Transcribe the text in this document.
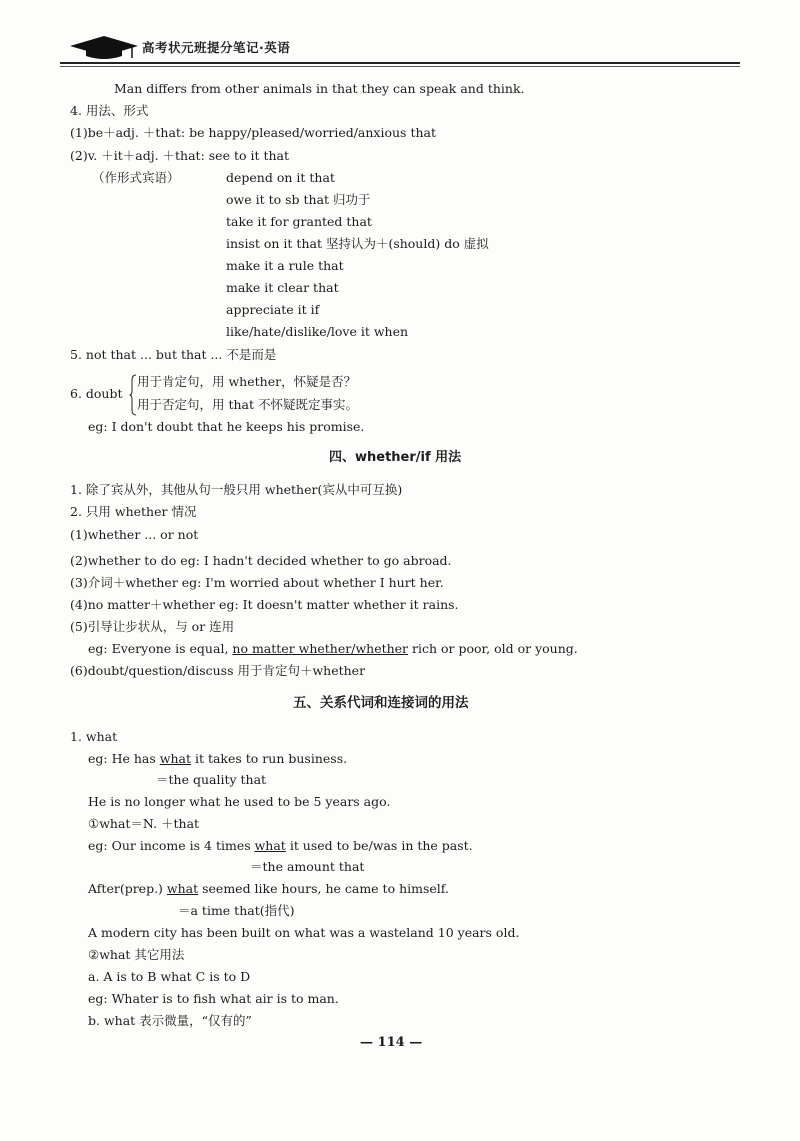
高考状元班提分笔记·英语
Man differs from other animals in that they can speak and think.
4. 用法、形式
(1)be＋adj. ＋that: be happy/pleased/worried/anxious that
(2)v. ＋it＋adj. ＋that: see to it that
（作形式宾语）	depend on it that
owe it to sb that 归功于
take it for granted that
insist on it that 坚持认为＋(should) do 虚拟
make it a rule that
make it clear that
appreciate it if
like/hate/dislike/love it when
5. not that ... but that ... 不是而是
6. doubt
用于肯定句，用 whether，怀疑是否？
用于否定句，用 that 不怀疑既定事实。
eg: I don't doubt that he keeps his promise.
四、whether/if 用法
1. 除了宾从外，其他从句一般只用 whether(宾从中可互换)
2. 只用 whether 情况
(1)whether ... or not
(2)whether to do eg: I hadn't decided whether to go abroad.
(3)介词＋whether eg: I'm worried about whether I hurt her.
(4)no matter＋whether eg: It doesn't matter whether it rains.
(5)引导让步状从，与 or 连用
eg: Everyone is equal, no matter whether/whether rich or poor, old or young.
(6)doubt/question/discuss 用于肯定句＋whether
五、关系代词和连接词的用法
1. what
eg: He has what it takes to run business.
＝the quality that
He is no longer what he used to be 5 years ago.
①what＝N. ＋that
eg: Our income is 4 times what it used to be/was in the past.
＝the amount that
After(prep.) what seemed like hours, he came to himself.
＝a time that(指代)
A modern city has been built on what was a wasteland 10 years old.
②what 其它用法
a. A is to B what C is to D
eg: Whater is to fish what air is to man.
b. what 表示微量，“仅有的”
— 114 —
